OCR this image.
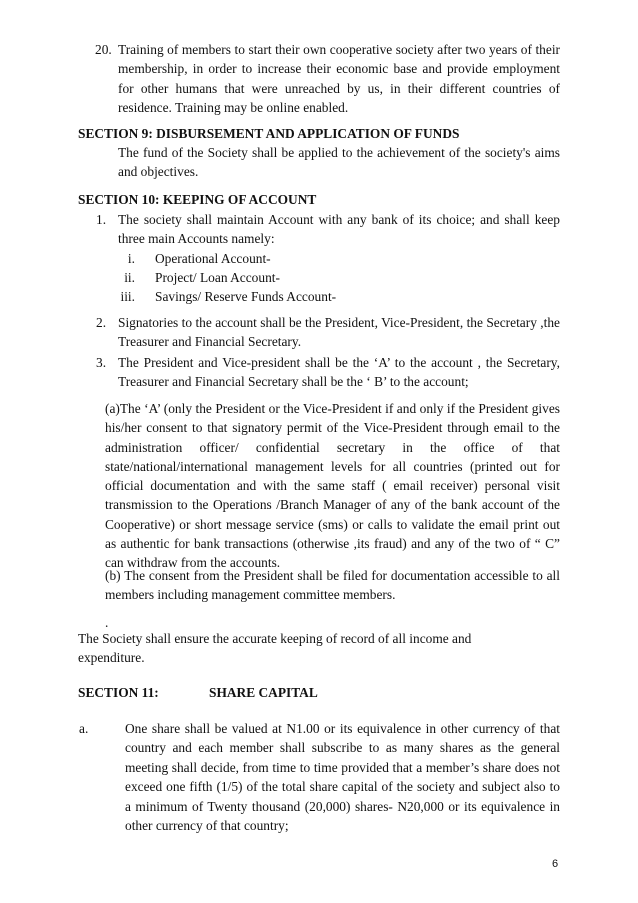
20. Training of members to start their own cooperative society after two years of their membership, in order to increase their economic base and provide employment for other humans that were unreached by us, in their different countries of residence. Training may be online enabled.
SECTION 9: DISBURSEMENT AND APPLICATION OF FUNDS
The fund of the Society shall be applied to the achievement of the society's aims and objectives.
SECTION 10: KEEPING OF ACCOUNT
1. The society shall maintain Account with any bank of its choice; and shall keep three main Accounts namely:
i. Operational Account-
ii. Project/ Loan Account-
iii. Savings/ Reserve Funds Account-
2. Signatories to the account shall be the President, Vice-President, the Secretary ,the Treasurer and Financial Secretary.
3. The President and Vice-president shall be the ‘A’ to the account , the Secretary, Treasurer and Financial Secretary shall be the ‘ B’ to the account;
(a)The ‘A’ (only the President or the Vice-President if and only if the President gives his/her consent to that signatory permit of the Vice-President through email to the administration officer/ confidential secretary in the office of that state/national/international management levels for all countries (printed out for official documentation and with the same staff ( email receiver) personal visit transmission to the Operations /Branch Manager of any of the bank account of the Cooperative) or short message service (sms) or calls to validate the email print out as authentic for bank transactions (otherwise ,its fraud) and any of the two of “ C” can withdraw from the accounts.
(b) The consent from the President shall be filed for documentation accessible to all members including management committee members.
.
The Society shall ensure the accurate keeping of record of all income and expenditure.
SECTION 11:	SHARE CAPITAL
a.	One share shall be valued at N1.00 or its equivalence in other currency of that country and each member shall subscribe to as many shares as the general meeting shall decide, from time to time provided that a member’s share does not exceed one fifth (1/5) of the total share capital of the society and subject also to a minimum of Twenty thousand (20,000) shares- N20,000 or its equivalence in other currency of that country;
6
